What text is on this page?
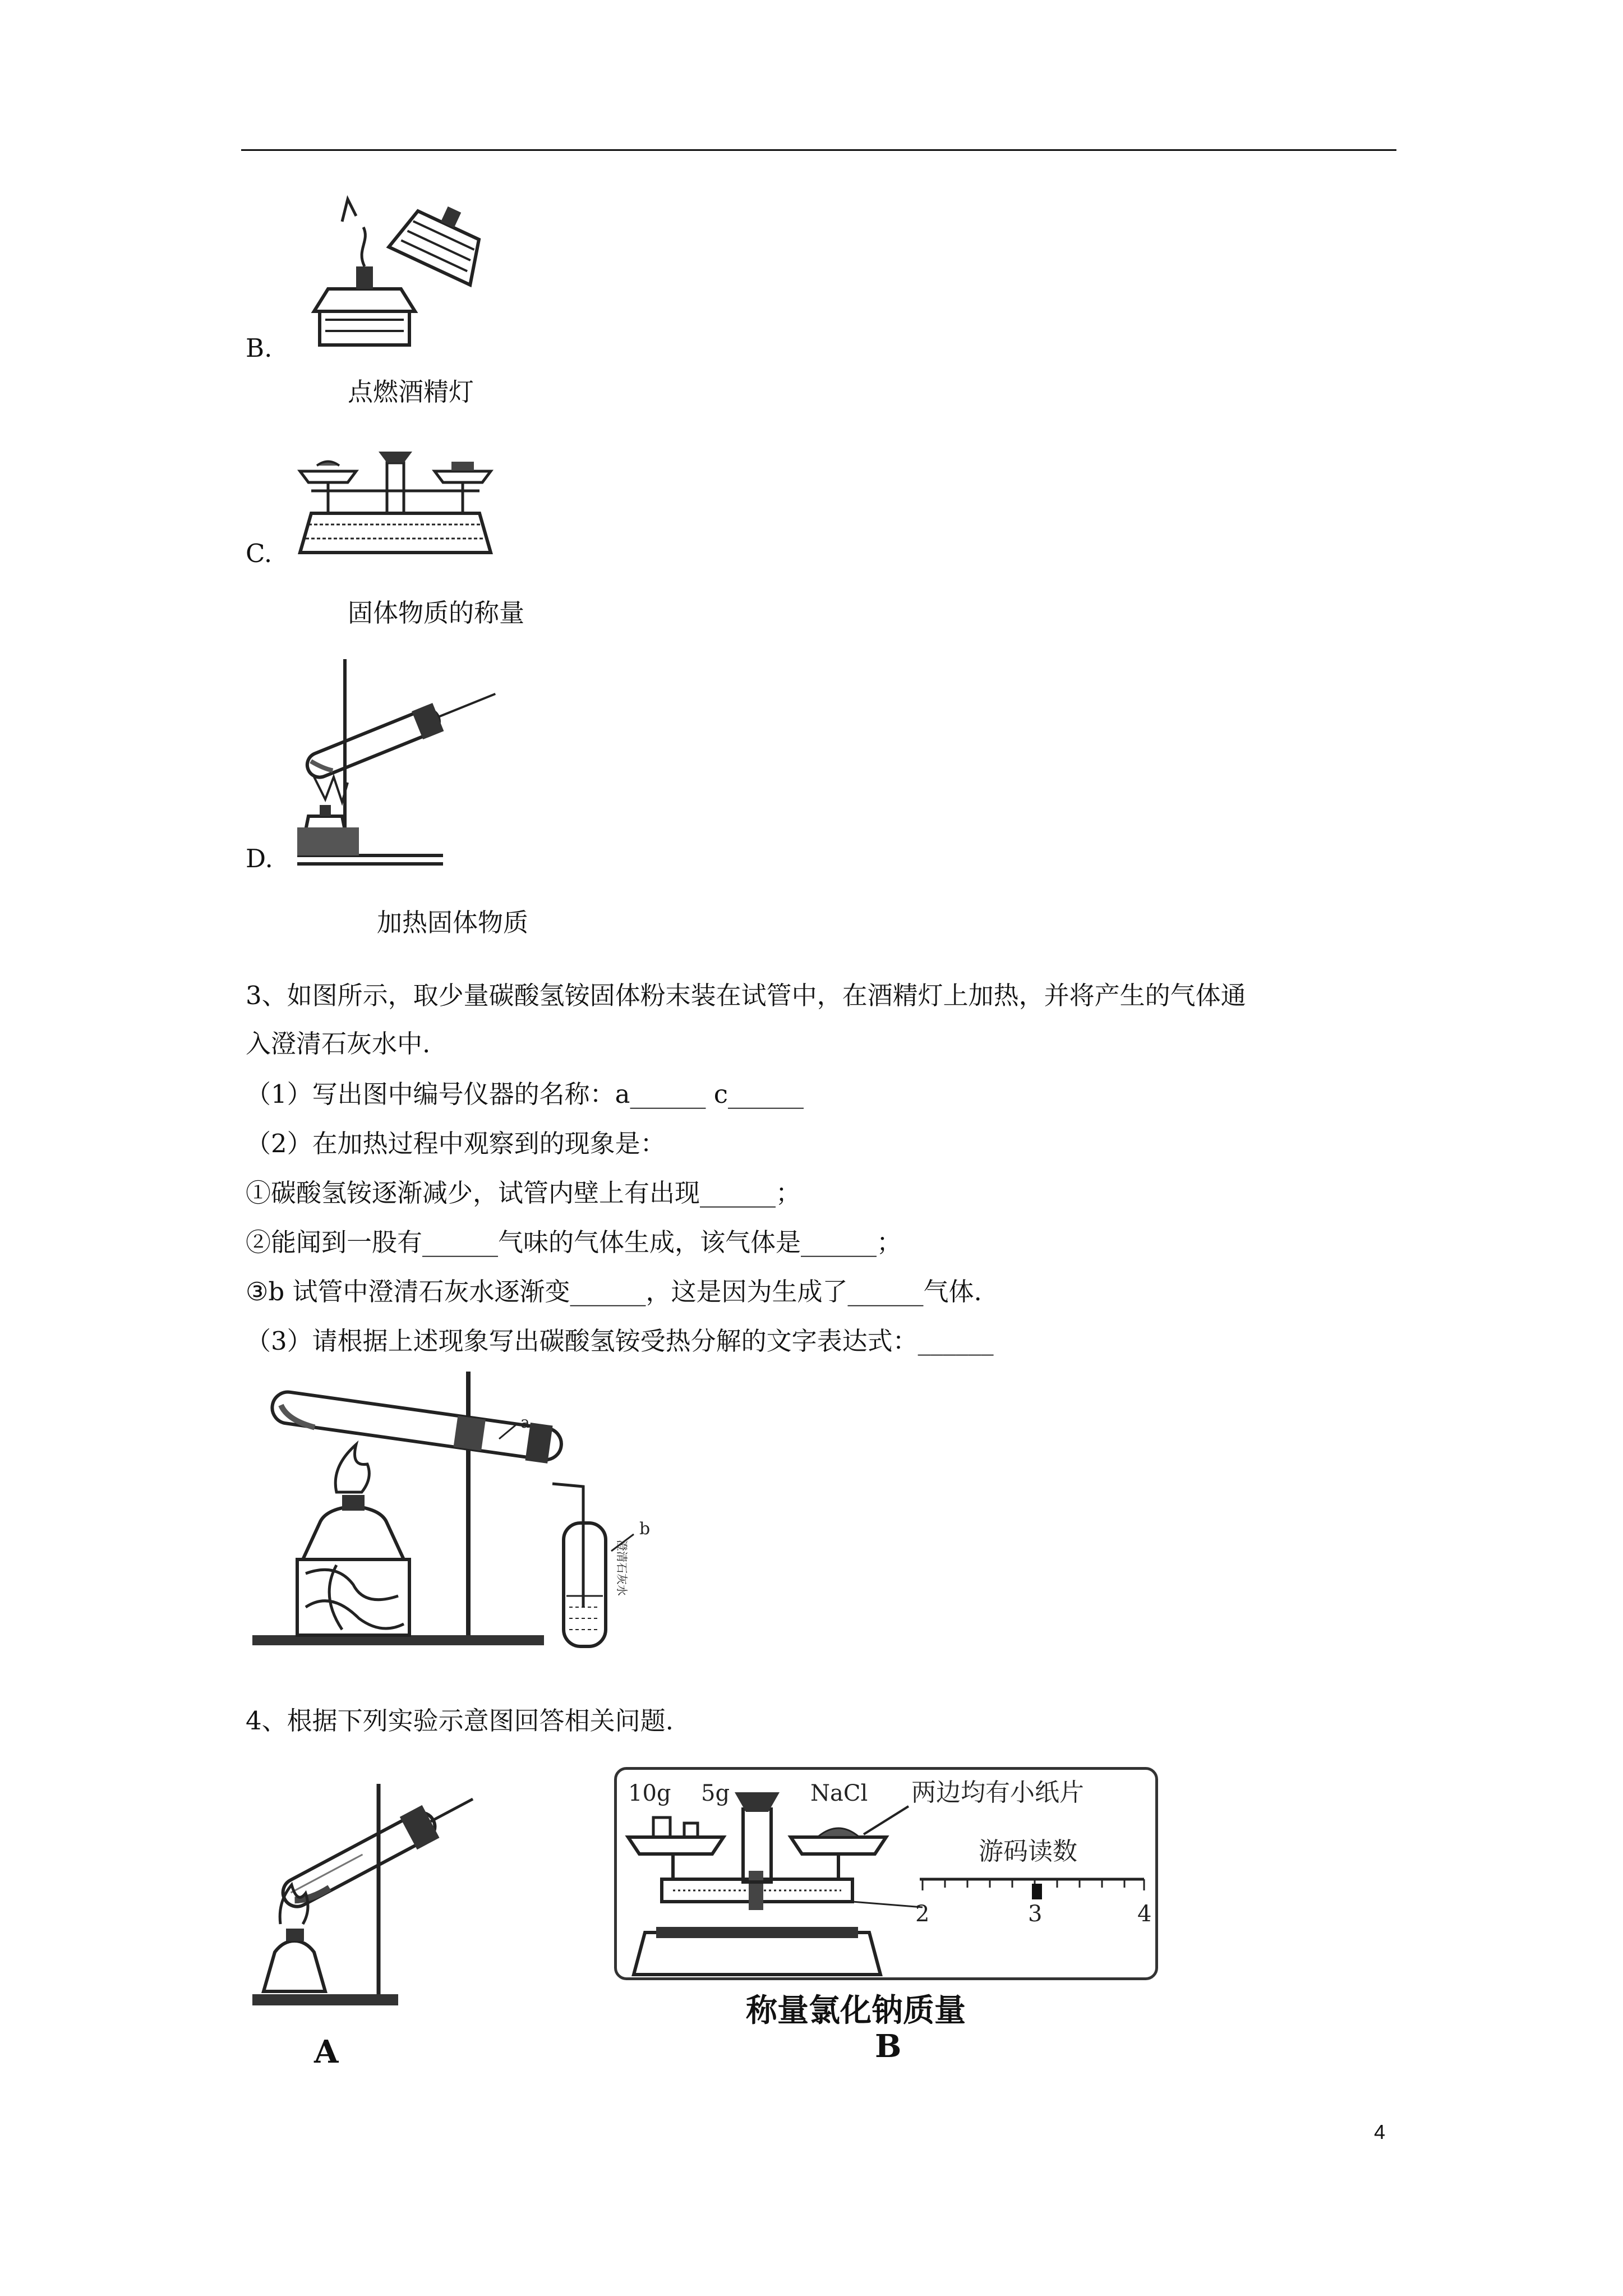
B.
点燃酒精灯
C.
固体物质的称量
D.
加热固体物质
3、如图所示，取少量碳酸氢铵固体粉末装在试管中，在酒精灯上加热，并将产生的气体通
入澄清石灰水中.
（1）写出图中编号仪器的名称：a______ c______
（2）在加热过程中观察到的现象是：
①碳酸氢铵逐渐减少，试管内壁上有出现______；
②能闻到一股有______气味的气体生成，该气体是______；
③b 试管中澄清石灰水逐渐变______，这是因为生成了______气体.
（3）请根据上述现象写出碳酸氢铵受热分解的文字表达式：______
澄清石灰水
a
b
4、根据下列实验示意图回答相关问题.
A
10g 5g	NaCl 两边均有小纸片
游码读数
2	3	4
称量氯化钠质量
B
4
